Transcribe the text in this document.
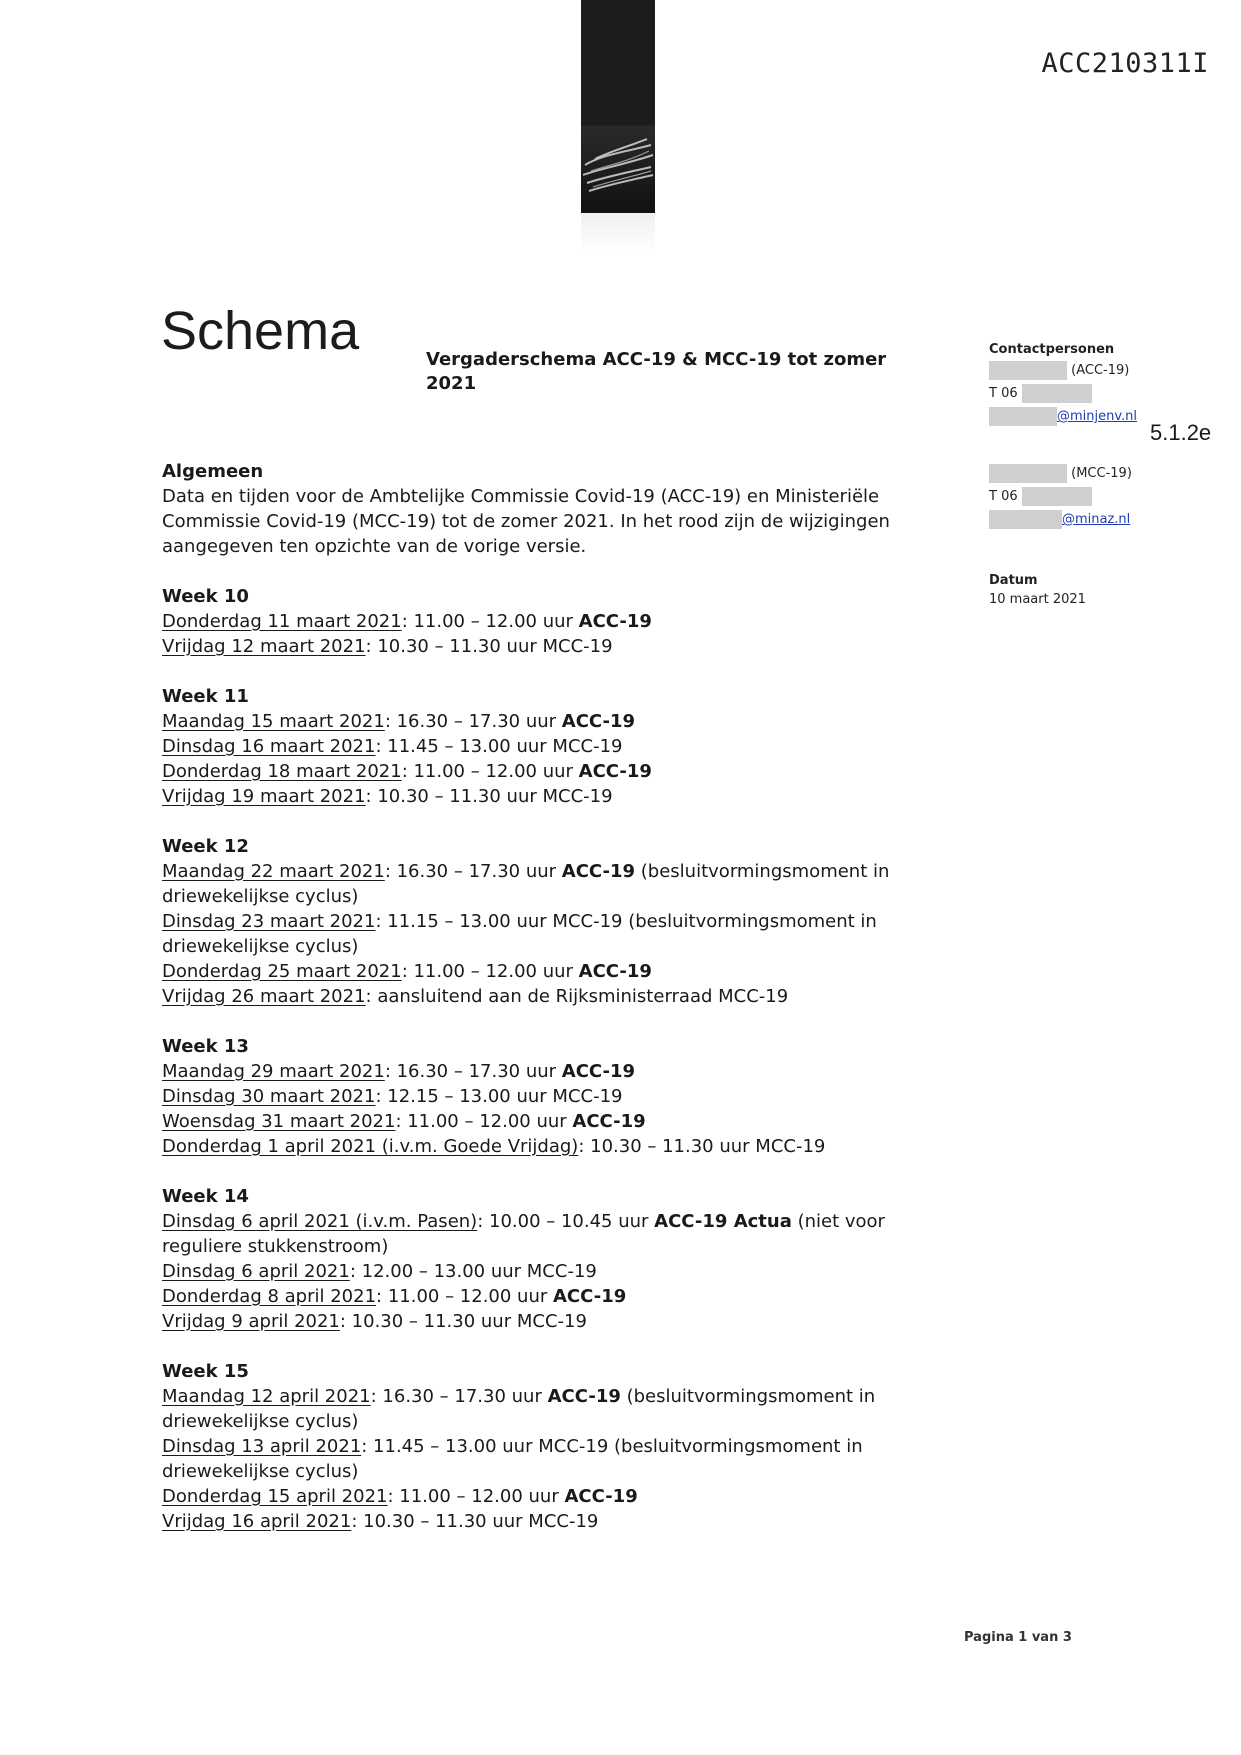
ACC210311I
Schema	Vergaderschema ACC-19 & MCC-19 tot zomer 2021
Algemeen

Data en tijden voor de Ambtelijke Commissie Covid-19 (ACC-19) en Ministeriële Commissie Covid-19 (MCC-19) tot de zomer 2021. In het rood zijn de wijzigingen aangegeven ten opzichte van de vorige versie.

Week 10

Donderdag 11 maart 2021: 11.00 – 12.00 uur ACC-19

Vrijdag 12 maart 2021: 10.30 – 11.30 uur MCC-19

Week 11

Maandag 15 maart 2021: 16.30 – 17.30 uur ACC-19

Dinsdag 16 maart 2021: 11.45 – 13.00 uur MCC-19

Donderdag 18 maart 2021: 11.00 – 12.00 uur ACC-19

Vrijdag 19 maart 2021: 10.30 – 11.30 uur MCC-19

Week 12

Maandag 22 maart 2021: 16.30 – 17.30 uur ACC-19 (besluitvormingsmoment in driewekelijkse cyclus)

Dinsdag 23 maart 2021: 11.15 – 13.00 uur MCC-19 (besluitvormingsmoment in driewekelijkse cyclus)

Donderdag 25 maart 2021: 11.00 – 12.00 uur ACC-19

Vrijdag 26 maart 2021: aansluitend aan de Rijksministerraad MCC-19

Week 13

Maandag 29 maart 2021: 16.30 – 17.30 uur ACC-19

Dinsdag 30 maart 2021: 12.15 – 13.00 uur MCC-19

Woensdag 31 maart 2021: 11.00 – 12.00 uur ACC-19

Donderdag 1 april 2021 (i.v.m. Goede Vrijdag): 10.30 – 11.30 uur MCC-19

Week 14

Dinsdag 6 april 2021 (i.v.m. Pasen): 10.00 – 10.45 uur ACC-19 Actua (niet voor reguliere stukkenstroom)

Dinsdag 6 april 2021: 12.00 – 13.00 uur MCC-19

Donderdag 8 april 2021: 11.00 – 12.00 uur ACC-19

Vrijdag 9 april 2021: 10.30 – 11.30 uur MCC-19

Week 15

Maandag 12 april 2021: 16.30 – 17.30 uur ACC-19 (besluitvormingsmoment in driewekelijkse cyclus)

Dinsdag 13 april 2021: 11.45 – 13.00 uur MCC-19 (besluitvormingsmoment in driewekelijkse cyclus)

Donderdag 15 april 2021: 11.00 – 12.00 uur ACC-19

Vrijdag 16 april 2021: 10.30 – 11.30 uur MCC-19

Contactpersonen
(ACC-19)
T 06
@minjenv.nl
(MCC-19)
T 06
@minaz.nl
Datum
10 maart 2021
5.1.2e
Pagina 1 van 3
